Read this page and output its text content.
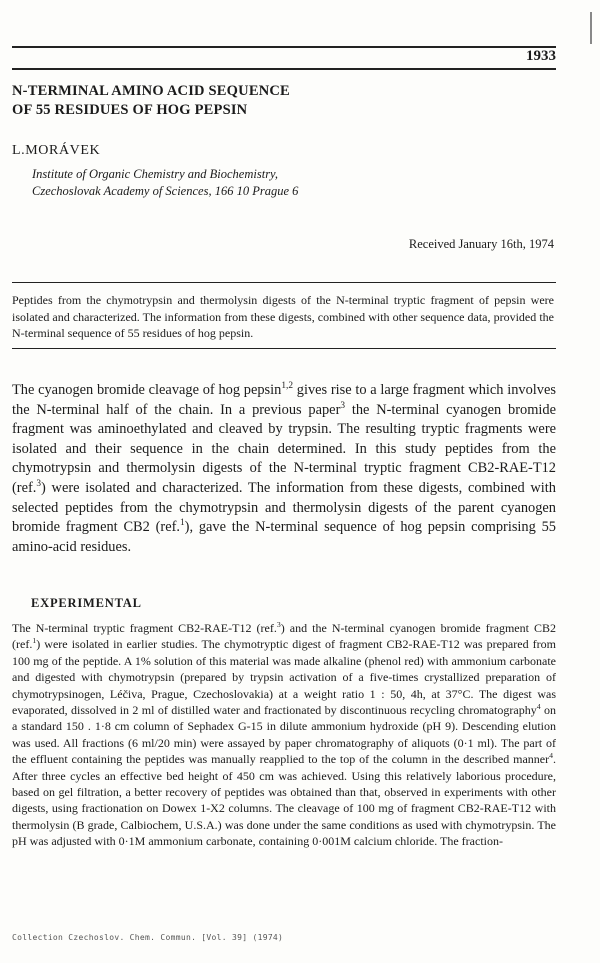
1933
N-TERMINAL AMINO ACID SEQUENCE
OF 55 RESIDUES OF HOG PEPSIN
L.MORÁVEK
Institute of Organic Chemistry and Biochemistry,
Czechoslovak Academy of Sciences, 166 10 Prague 6
Received January 16th, 1974
Peptides from the chymotrypsin and thermolysin digests of the N-terminal tryptic fragment of pepsin were isolated and characterized. The information from these digests, combined with other sequence data, provided the N-terminal sequence of 55 residues of hog pepsin.
The cyanogen bromide cleavage of hog pepsin$^{1,2}$ gives rise to a large fragment which involves the N-terminal half of the chain. In a previous paper$^3$ the N-terminal cyanogen bromide fragment was aminoethylated and cleaved by trypsin. The resulting tryptic fragments were isolated and their sequence in the chain determined. In this study peptides from the chymotrypsin and thermolysin digests of the N-terminal tryptic fragment CB2-RAE-T12 (ref.$^3$) were isolated and characterized. The information from these digests, combined with selected peptides from the chymotrypsin and thermolysin digests of the parent cyanogen bromide fragment CB2 (ref.$^1$), gave the N-terminal sequence of hog pepsin comprising 55 amino-acid residues.
EXPERIMENTAL
The N-terminal tryptic fragment CB2-RAE-T12 (ref.$^3$) and the N-terminal cyanogen bromide fragment CB2 (ref.$^1$) were isolated in earlier studies. The chymotryptic digest of fragment CB2-RAE-T12 was prepared from 100 mg of the peptide. A 1% solution of this material was made alkaline (phenol red) with ammonium carbonate and digested with chymotrypsin (prepared by trypsin activation of a five-times crystallized preparation of chymotrypsinogen, Léčiva, Prague, Czechoslovakia) at a weight ratio 1 : 50, 4h, at 37°C. The digest was evaporated, dissolved in 2 ml of distilled water and fractionated by discontinuous recycling chromatography$^4$ on a standard 150 . 1·8 cm column of Sephadex G-15 in dilute ammonium hydroxide (pH 9). Descending elution was used. All fractions (6 ml/20 min) were assayed by paper chromatography of aliquots (0·1 ml). The part of the effluent containing the peptides was manually reapplied to the top of the column in the described manner$^4$. After three cycles an effective bed height of 450 cm was achieved. Using this relatively laborious procedure, based on gel filtration, a better recovery of peptides was obtained than that, observed in experiments with other digests, using fractionation on Dowex 1-X2 columns. The cleavage of 100 mg of fragment CB2-RAE-T12 with thermolysin (B grade, Calbiochem, U.S.A.) was done under the same conditions as used with chymotrypsin. The pH was adjusted with 0·1M ammonium carbonate, containing 0·001M calcium chloride. The fraction-
Collection Czechoslov. Chem. Commun. [Vol. 39] (1974)
